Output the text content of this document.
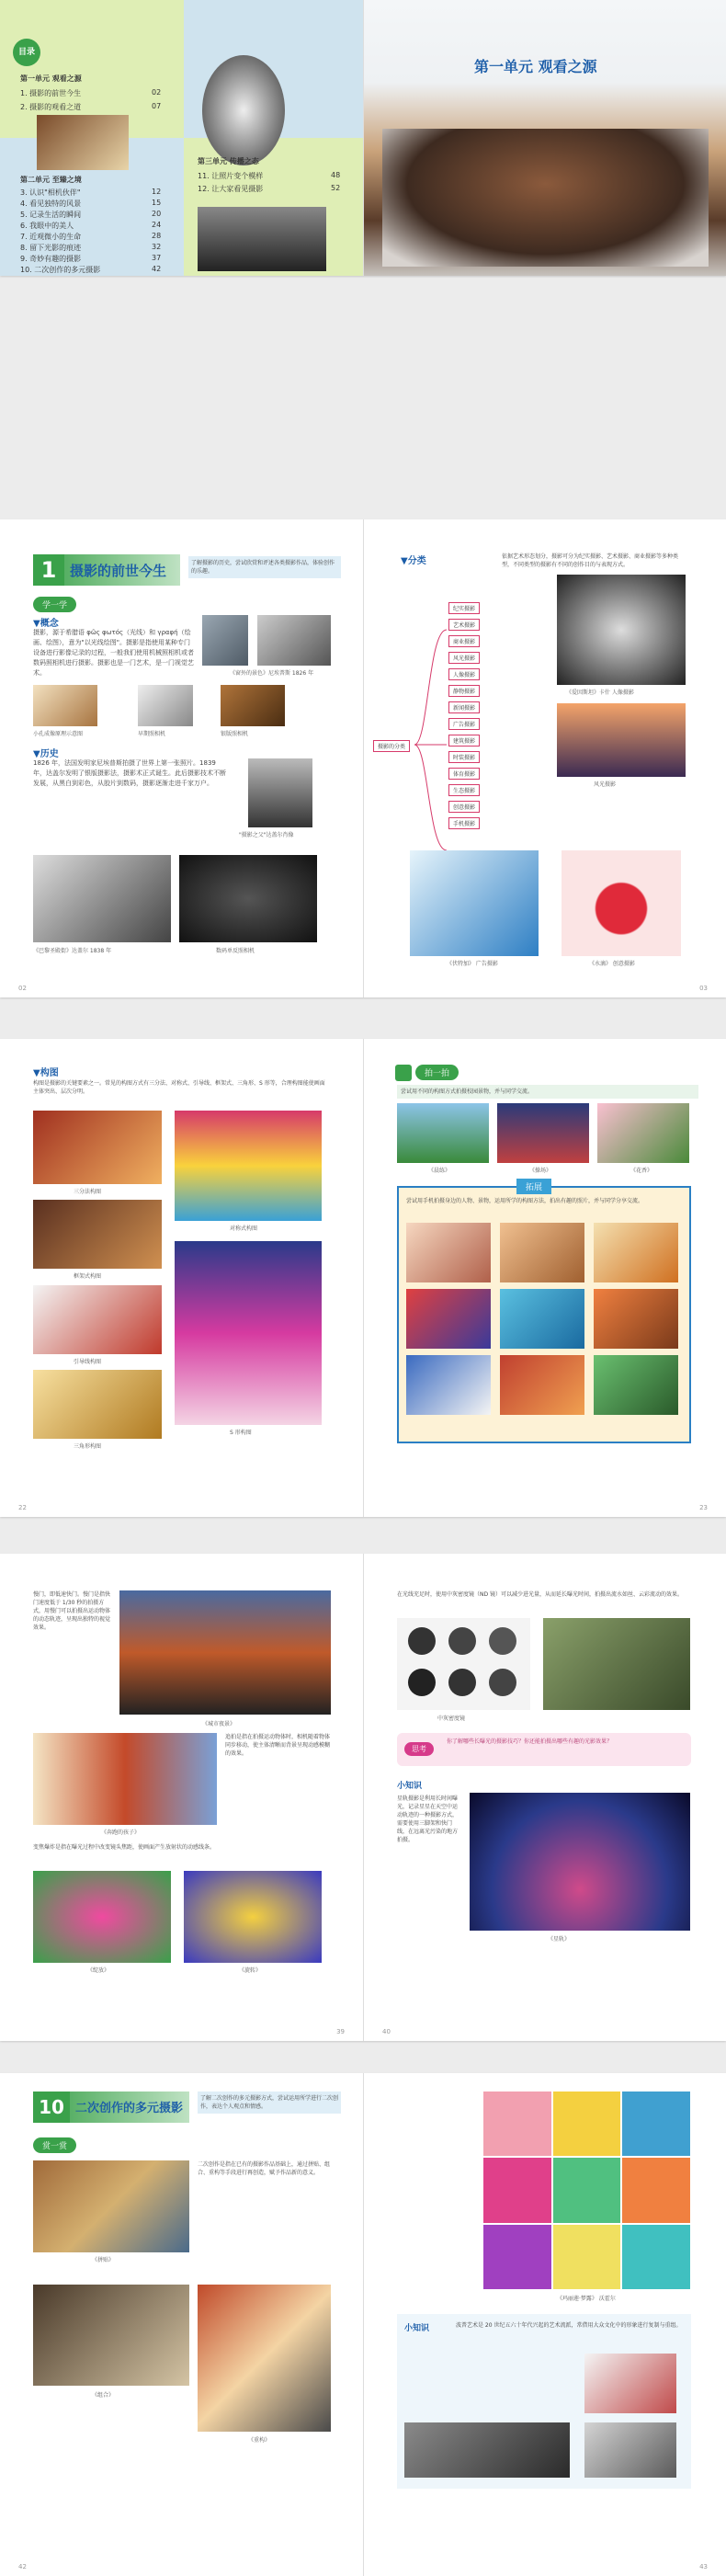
目录
第一单元 观看之源
1. 摄影的前世今生	02
2. 摄影的观看之道	07
第二单元 至臻之境
3. 认识"相机伙伴"	12
4. 看见独特的风景	15
5. 记录生活的瞬间	20
6. 我眼中的美人	24
7. 近观微小的生命	28
8. 留下光影的痕迹	32
9. 奇妙有趣的摄影	37
10. 二次创作的多元摄影	42
第三单元 传播之态
11. 让照片变个模样	48
12. 让大家看见摄影	52
第一单元 观看之源
1 摄影的前世今生	了解摄影的历史，尝试欣赏和评述各类摄影作品，体验创作的乐趣。
学一学
▼概念
摄影，源于希腊语 φῶς φωτός（光线）和 γραφή（绘画、绘图），意为"以光线绘图"。摄影是指使用某种专门设备进行影像记录的过程，一般我们使用机械照相机或者数码照相机进行摄影。摄影也是一门艺术，是一门视觉艺术。	《窗外的景色》尼埃普斯 1826 年
小孔成像原理示意图	早期照相机	银版照相机
▼历史
1826 年，法国发明家尼埃普斯拍摄了世界上第一张照片。1839 年，达盖尔发明了银版摄影法，摄影术正式诞生。此后摄影技术不断发展，从黑白到彩色，从胶片到数码，摄影逐渐走进千家万户。
"摄影之父"达盖尔肖像
《巴黎圣殿街》达盖尔 1838 年	数码单反照相机
02
▼分类	依据艺术形态划分，摄影可分为纪实摄影、艺术摄影、商业摄影等多种类型，不同类型的摄影有不同的创作目的与表现方式。
摄影的分类
纪实摄影
艺术摄影
商业摄影
风光摄影
人像摄影
静物摄影
新闻摄影
广告摄影
建筑摄影
时装摄影
体育摄影
生态摄影
创意摄影
手机摄影
《爱因斯坦》卡什 人像摄影
风光摄影
《伏特加》 广告摄影	《水滴》 创意摄影
03
▼构图
构图是摄影的关键要素之一。常见的构图方式有三分法、对称式、引导线、框架式、三角形、S 形等，合理构图能使画面主体突出、层次分明。
三分法构图
对称式构图
框架式构图
引导线构图
三角形构图
S 形构图
22
拍一拍
尝试用不同的构图方式拍摄校园景物，并与同学交流。
《晨练》	《操场》	《花香》
拓展
尝试用手机拍摄身边的人物、景物，运用所学的构图方法，拍出有趣的照片，并与同学分享交流。
23
慢门，即低速快门。慢门是指快门速度低于 1/30 秒的拍摄方式，用慢门可以拍摄出运动物体的动态轨迹，呈现出独特的视觉效果。
《城市夜景》
追拍是指在拍摄运动物体时，相机随着物体同步移动，使主体清晰而背景呈现动感模糊的效果。
《奔跑的孩子》
变焦爆炸是指在曝光过程中改变镜头焦距，使画面产生放射状的动感线条。
《绽放》	《旋转》
39
在光线充足时，使用中灰密度镜（ND 镜）可以减少进光量，从而延长曝光时间，拍摄出流水如丝、云彩流动的效果。
中灰密度镜
思考
你了解哪些长曝光的摄影技巧？你还能拍摄出哪些有趣的光影效果？
小知识
星轨摄影是利用长时间曝光，记录星星在天空中运动轨迹的一种摄影方式，需要使用三脚架和快门线，在远离光污染的地方拍摄。
《星轨》
40
10 二次创作的多元摄影
了解二次创作的多元摄影方式，尝试运用所学进行二次创作，表达个人观点和情感。
赏一赏
二次创作是指在已有的摄影作品基础上，通过拼贴、组合、重构等手段进行再创造，赋予作品新的意义。
《拼贴》
《组合》
《重构》
42
《玛丽莲·梦露》 沃霍尔
小知识	波普艺术是 20 世纪五六十年代兴起的艺术流派，常借用大众文化中的形象进行复制与重组。
43
